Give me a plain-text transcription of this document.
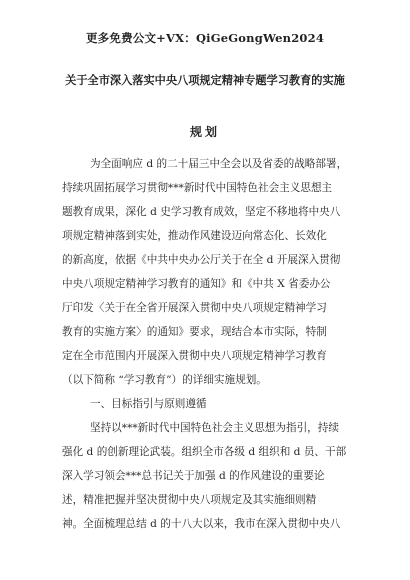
更多免费公文+VX：QiGeGongWen2024
关于全市深入落实中央八项规定精神专题学习教育的实施
规划
为全面响应 d 的二十届三中全会以及省委的战略部署，
持续巩固拓展学习贯彻***新时代中国特色社会主义思想主
题教育成果，深化 d 史学习教育成效，坚定不移地将中央八
项规定精神落到实处，推动作风建设迈向常态化、长效化
的新高度，依据《中共中央办公厅关于在全 d 开展深入贯彻
中央八项规定精神学习教育的通知》和《中共 X 省委办公
厅印发〈关于在全省开展深入贯彻中央八项规定精神学习
教育的实施方案〉的通知》要求，现结合本市实际，特制
定在全市范围内开展深入贯彻中央八项规定精神学习教育
（以下简称 “学习教育”）的详细实施规划。
一、目标指引与原则遵循
坚持以***新时代中国特色社会主义思想为指引，持续
强化 d 的创新理论武装。组织全市各级 d 组织和 d 员、干部
深入学习领会***总书记关于加强 d 的作风建设的重要论
述，精准把握并坚决贯彻中央八项规定及其实施细则精
神。全面梳理总结 d 的十八大以来，我市在深入贯彻中央八
